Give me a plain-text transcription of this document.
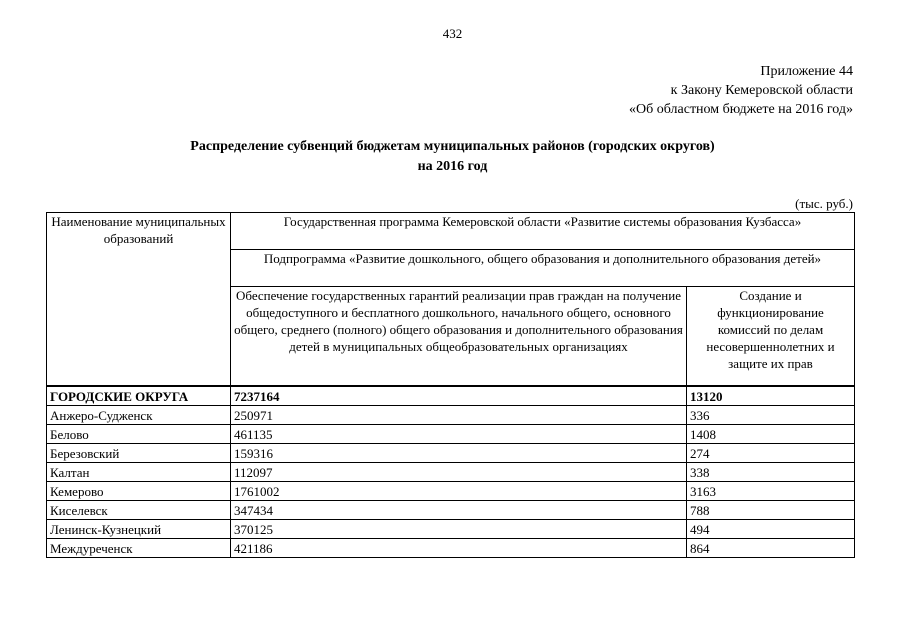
432
Приложение 44
к Закону Кемеровской области
«Об областном бюджете на 2016 год»
Распределение субвенций бюджетам муниципальных районов (городских округов)
на 2016 год
(тыс. руб.)
Наименование муниципальных образований	Государственная программа Кемеровской области «Развитие системы образования Кузбасса»	
	Подпрограмма «Развитие дошкольного, общего образования и дополнительного образования детей»	
	Обеспечение государственных гарантий реализации прав граждан на получение общедоступного и бесплатного дошкольного, начального общего, основного общего, среднего (полного) общего образования и дополнительного образования детей в муниципальных общеобразовательных организациях	Создание и функционирование комиссий по делам несовершеннолетних и защите их прав
ГОРОДСКИЕ ОКРУГА	7237164	13120
Анжеро-Судженск	250971	336
Белово	461135	1408
Березовский	159316	274
Калтан	112097	338
Кемерово	1761002	3163
Киселевск	347434	788
Ленинск-Кузнецкий	370125	494
Междуреченск	421186	864
